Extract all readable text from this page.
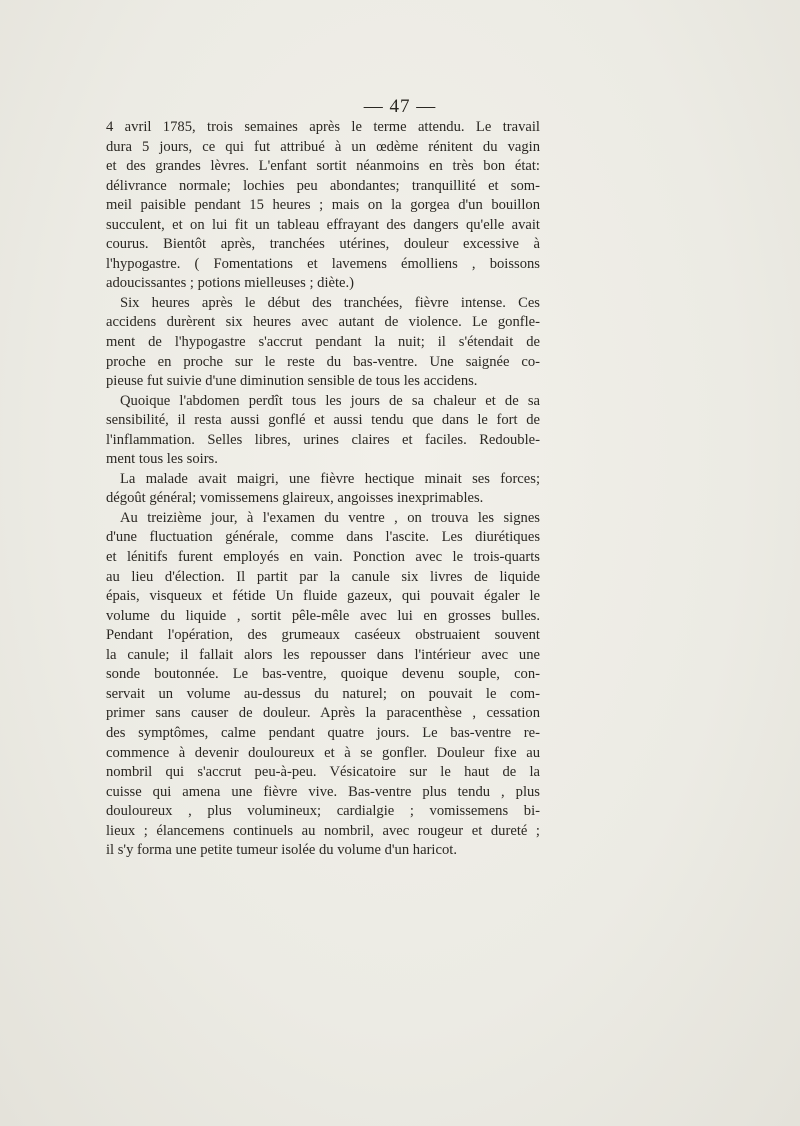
— 47 —

4 avril 1785, trois semaines après le terme attendu. Le travail
dura 5 jours, ce qui fut attribué à un œdème rénitent du vagin
et des grandes lèvres. L'enfant sortit néanmoins en très bon état:
délivrance normale; lochies peu abondantes; tranquillité et som-
meil paisible pendant 15 heures ; mais on la gorgea d'un bouillon
succulent, et on lui fit un tableau effrayant des dangers qu'elle avait
courus. Bientôt après, tranchées utérines, douleur excessive à
l'hypogastre. ( Fomentations et lavemens émolliens , boissons
adoucissantes ; potions mielleuses ; diète.)

Six heures après le début des tranchées, fièvre intense. Ces
accidens durèrent six heures avec autant de violence. Le gonfle-
ment de l'hypogastre s'accrut pendant la nuit; il s'étendait de
proche en proche sur le reste du bas-ventre. Une saignée co-
pieuse fut suivie d'une diminution sensible de tous les accidens.

Quoique l'abdomen perdît tous les jours de sa chaleur et de sa
sensibilité, il resta aussi gonflé et aussi tendu que dans le fort de
l'inflammation. Selles libres, urines claires et faciles. Redouble-
ment tous les soirs.

La malade avait maigri, une fièvre hectique minait ses forces;
dégoût général; vomissemens glaireux, angoisses inexprimables.

Au treizième jour, à l'examen du ventre , on trouva les signes
d'une fluctuation générale, comme dans l'ascite. Les diurétiques
et lénitifs furent employés en vain. Ponction avec le trois-quarts
au lieu d'élection. Il partit par la canule six livres de liquide
épais, visqueux et fétide Un fluide gazeux, qui pouvait égaler le
volume du liquide , sortit pêle-mêle avec lui en grosses bulles.
Pendant l'opération, des grumeaux caséeux obstruaient souvent
la canule; il fallait alors les repousser dans l'intérieur avec une
sonde boutonnée. Le bas-ventre, quoique devenu souple, con-
servait un volume au-dessus du naturel; on pouvait le com-
primer sans causer de douleur. Après la paracenthèse , cessation
des symptômes, calme pendant quatre jours. Le bas-ventre re-
commence à devenir douloureux et à se gonfler. Douleur fixe au
nombril qui s'accrut peu-à-peu. Vésicatoire sur le haut de la
cuisse qui amena une fièvre vive. Bas-ventre plus tendu , plus
douloureux , plus volumineux; cardialgie ; vomissemens bi-
lieux ; élancemens continuels au nombril, avec rougeur et dureté ;
il s'y forma une petite tumeur isolée du volume d'un haricot.
